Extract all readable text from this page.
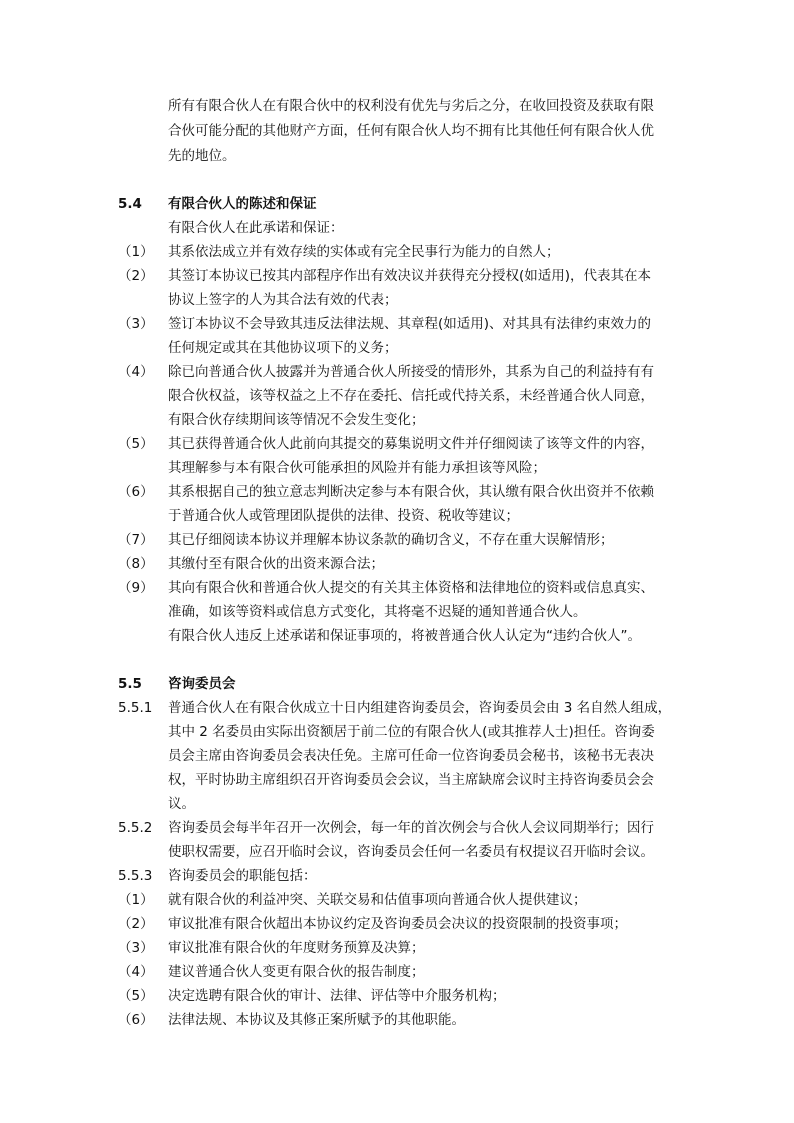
所有有限合伙人在有限合伙中的权利没有优先与劣后之分，在收回投资及获取有限
合伙可能分配的其他财产方面，任何有限合伙人均不拥有比其他任何有限合伙人优
先的地位。
5.4 有限合伙人的陈述和保证
有限合伙人在此承诺和保证：
（1） 其系依法成立并有效存续的实体或有完全民事行为能力的自然人；
（2） 其签订本协议已按其内部程序作出有效决议并获得充分授权(如适用)，代表其在本
协议上签字的人为其合法有效的代表；
（3） 签订本协议不会导致其违反法律法规、其章程(如适用)、对其具有法律约束效力的
任何规定或其在其他协议项下的义务；
（4） 除已向普通合伙人披露并为普通合伙人所接受的情形外，其系为自己的利益持有有
限合伙权益，该等权益之上不存在委托、信托或代持关系，未经普通合伙人同意，
有限合伙存续期间该等情况不会发生变化；
（5） 其已获得普通合伙人此前向其提交的募集说明文件并仔细阅读了该等文件的内容，
其理解参与本有限合伙可能承担的风险并有能力承担该等风险；
（6） 其系根据自己的独立意志判断决定参与本有限合伙，其认缴有限合伙出资并不依赖
于普通合伙人或管理团队提供的法律、投资、税收等建议；
（7） 其已仔细阅读本协议并理解本协议条款的确切含义，不存在重大误解情形；
（8） 其缴付至有限合伙的出资来源合法；
（9） 其向有限合伙和普通合伙人提交的有关其主体资格和法律地位的资料或信息真实、
准确，如该等资料或信息方式变化，其将毫不迟疑的通知普通合伙人。
有限合伙人违反上述承诺和保证事项的，将被普通合伙人认定为“违约合伙人”。
5.5 咨询委员会
5.5.1 普通合伙人在有限合伙成立十日内组建咨询委员会，咨询委员会由 3 名自然人组成，
其中 2 名委员由实际出资额居于前二位的有限合伙人(或其推荐人士)担任。咨询委
员会主席由咨询委员会表决任免。主席可任命一位咨询委员会秘书，该秘书无表决
权，平时协助主席组织召开咨询委员会会议，当主席缺席会议时主持咨询委员会会
议。
5.5.2 咨询委员会每半年召开一次例会，每一年的首次例会与合伙人会议同期举行；因行
使职权需要，应召开临时会议，咨询委员会任何一名委员有权提议召开临时会议。
5.5.3 咨询委员会的职能包括：
（1） 就有限合伙的利益冲突、关联交易和估值事项向普通合伙人提供建议；
（2） 审议批准有限合伙超出本协议约定及咨询委员会决议的投资限制的投资事项；
（3） 审议批准有限合伙的年度财务预算及决算；
（4） 建议普通合伙人变更有限合伙的报告制度；
（5） 决定选聘有限合伙的审计、法律、评估等中介服务机构；
（6） 法律法规、本协议及其修正案所赋予的其他职能。
